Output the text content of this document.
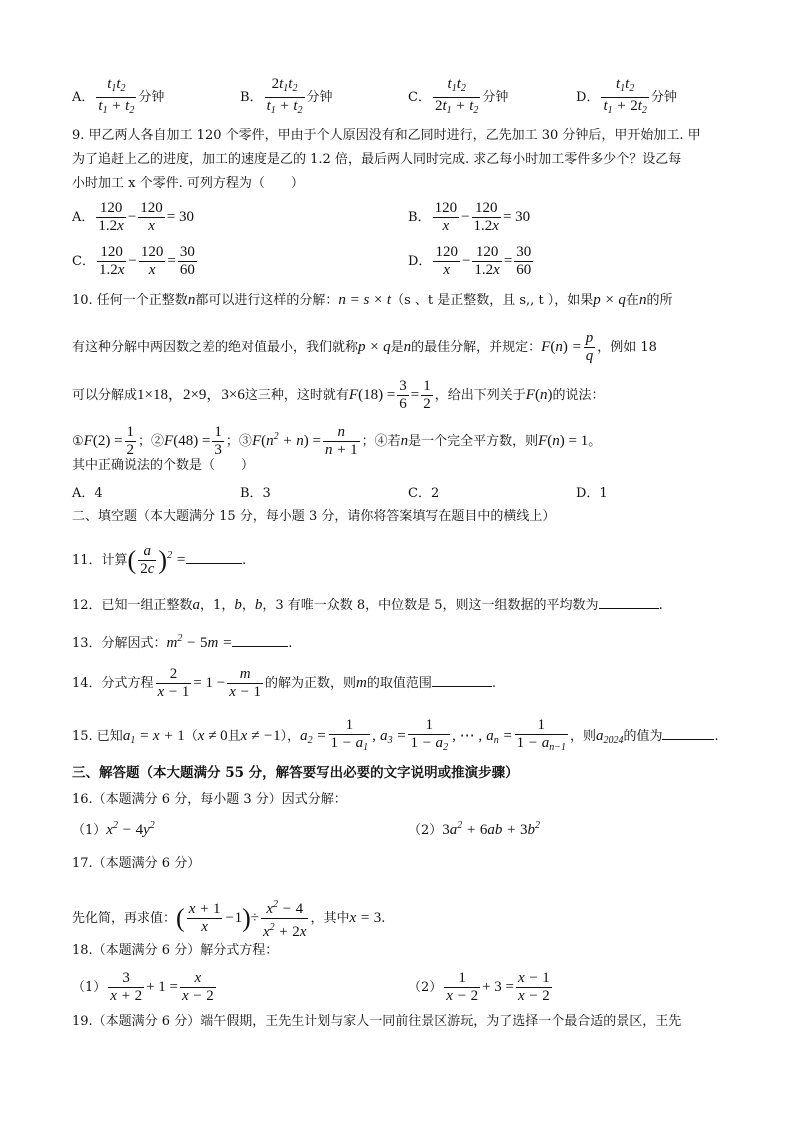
A． $\frac{t_1t_2}{t_1 + t_2}$ 分钟	B． $\frac{2t_1t_2}{t_1 + t_2}$ 分钟	C． $\frac{t_1t_2}{2t_1 + t_2}$ 分钟	D． $\frac{t_1t_2}{t_1 + 2t_2}$ 分钟
9. 甲乙两人各自加工 120 个零件，甲由于个人原因没有和乙同时进行，乙先加工 30 分钟后，甲开始加工. 甲
为了追赶上乙的进度，加工的速度是乙的 1.2 倍，最后两人同时完成. 求乙每小时加工零件多少个？设乙每
小时加工 x 个零件. 可列方程为（　　）
A． $\frac{120}{1.2x} - \frac{120}{x} = 30$	B． $\frac{120}{x} - \frac{120}{1.2x} = 30$
C． $\frac{120}{1.2x} - \frac{120}{x} = \frac{30}{60}$	D． $\frac{120}{x} - \frac{120}{1.2x} = \frac{30}{60}$
10. 任何一个正整数n都可以进行这样的分解：n = s × t（s 、t 是正整数，且 s,, t ），如果p × q在n的所
有这种分解中两因数之差的绝对值最小，我们就称p × q是n的最佳分解，并规定：$F(n) = \frac{p}{q}$ ，例如 18
可以分解成1×18，2×9，3×6这三种，这时就有$F(18) = \frac{3}{6} = \frac{1}{2}$ ，给出下列关于F(n)的说法：
①F(2) = $\frac{1}{2}$ ；②F(48) = $\frac{1}{3}$ ；$③F(n^2 + n) = \frac{n}{n + 1}$ ；④若n是一个完全平方数，则F(n) = 1。
其中正确说法的个数是（　　）
A．4	B．3	C．2	D．1
二、填空题（本大题满分 15 分，每小题 3 分，请你将答案填写在题目中的横线上）
11．计算( $\frac{a}{2c} )^2$ =	.
12．已知一组正整数a，1，b，b，3 有唯一众数 8，中位数是 5，则这一组数据的平均数为	.
13．分解因式：$m^2 - 5m$ =	.
14．分式方程 $\frac{2}{x - 1} = 1 - \frac{m}{x - 1}$ 的解为正数，则m的取值范围	.
15. 已知$a_1 = x + 1(x \ne 0$且x ≠ −1），$a_2 = \frac{1}{1 - a_1}$ , $a_3 = \frac{1}{1 - a_2}$ , ⋯ , $a_n = \frac{1}{1 - a_{n-1}}$ ，则$a_{2024}$的值为	.
三、解答题（本大题满分 55 分，解答要写出必要的文字说明或推演步骤）
16.（本题满分 6 分，每小题 3 分）因式分解：
$(1)x^2 - 4y^2$	$(2)3a^2 + 6ab + 3b^2$
17.（本题满分 6 分）
先化简，再求值：( $\frac{x + 1}{x} -1)\div \frac{x^2 - 4}{x^2 + 2x}$ ，其中x = 3.
18.（本题满分 6 分）解分式方程：
$(1) \frac{3}{x + 2} + 1 = \frac{x}{x - 2}$	$(2) \frac{1}{x - 2} + 3 = \frac{x - 1}{x - 2}$
19.（本题满分 6 分）端午假期，王先生计划与家人一同前往景区游玩，为了选择一个最合适的景区，王先
